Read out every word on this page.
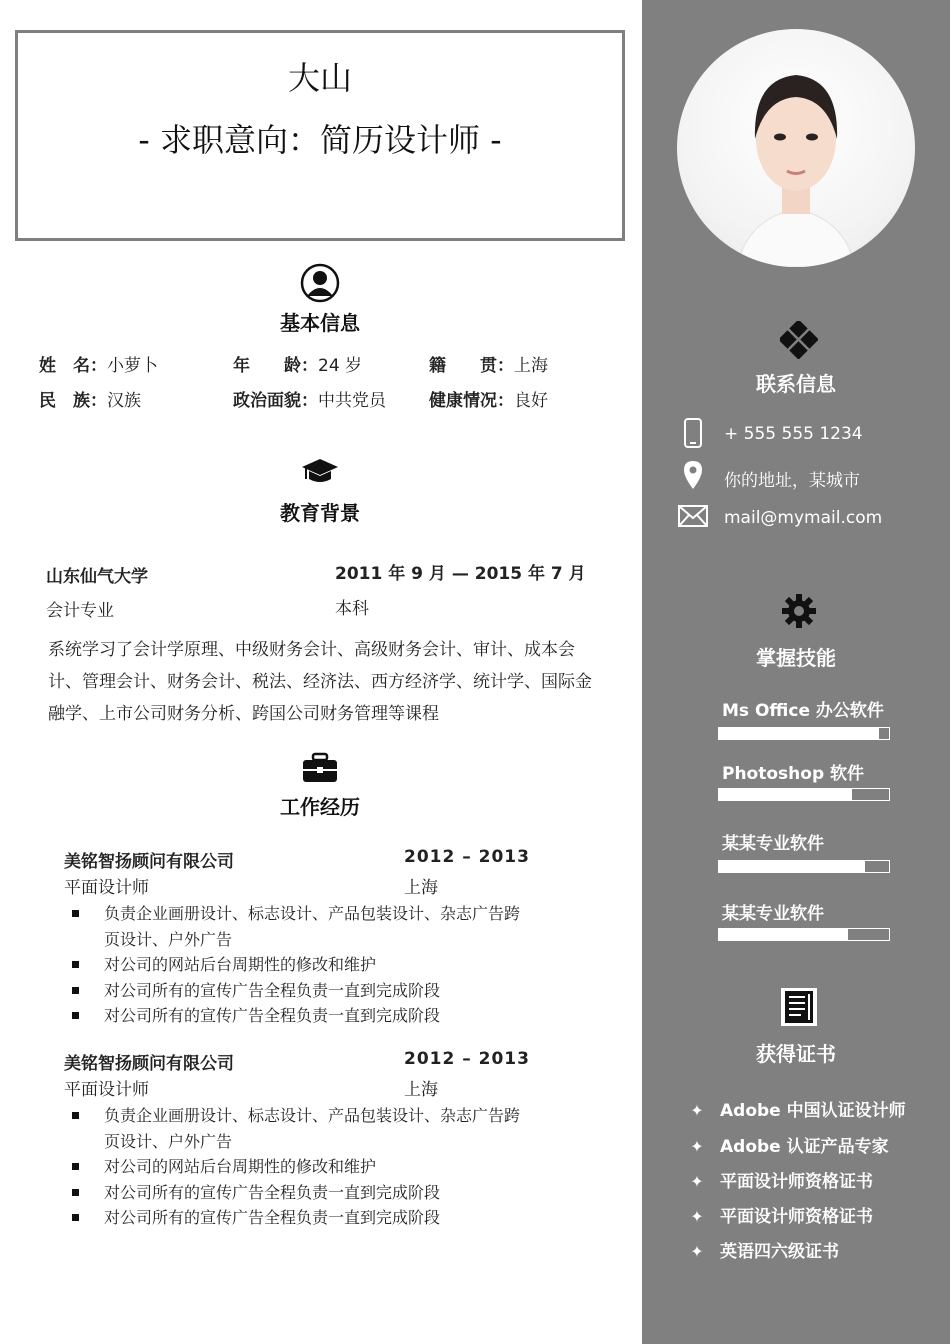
大山
- 求职意向：简历设计师 -
基本信息
姓　名：小萝卜	年　　龄：24 岁	籍　　贯：上海
民　族：汉族	政治面貌：中共党员	健康情况：良好
教育背景
山东仙气大学	2011 年 9 月 — 2015 年 7 月
会计专业	本科
系统学习了会计学原理、中级财务会计、高级财务会计、审计、成本会计、管理会计、财务会计、税法、经济法、西方经济学、统计学、国际金融学、上市公司财务分析、跨国公司财务管理等课程
工作经历
美铭智扬顾问有限公司	2012 – 2013
平面设计师	上海
负责企业画册设计、标志设计、产品包装设计、杂志广告跨页设计、户外广告
对公司的网站后台周期性的修改和维护
对公司所有的宣传广告全程负责一直到完成阶段
对公司所有的宣传广告全程负责一直到完成阶段
美铭智扬顾问有限公司	2012 – 2013
平面设计师	上海
负责企业画册设计、标志设计、产品包装设计、杂志广告跨页设计、户外广告
对公司的网站后台周期性的修改和维护
对公司所有的宣传广告全程负责一直到完成阶段
对公司所有的宣传广告全程负责一直到完成阶段
联系信息
+ 555 555 1234
你的地址，某城市
mail@mymail.com
掌握技能
Ms Office 办公软件
Photoshop 软件
某某专业软件
某某专业软件
获得证书
✦ Adobe 中国认证设计师
✦ Adobe 认证产品专家
✦ 平面设计师资格证书
✦ 平面设计师资格证书
✦ 英语四六级证书
